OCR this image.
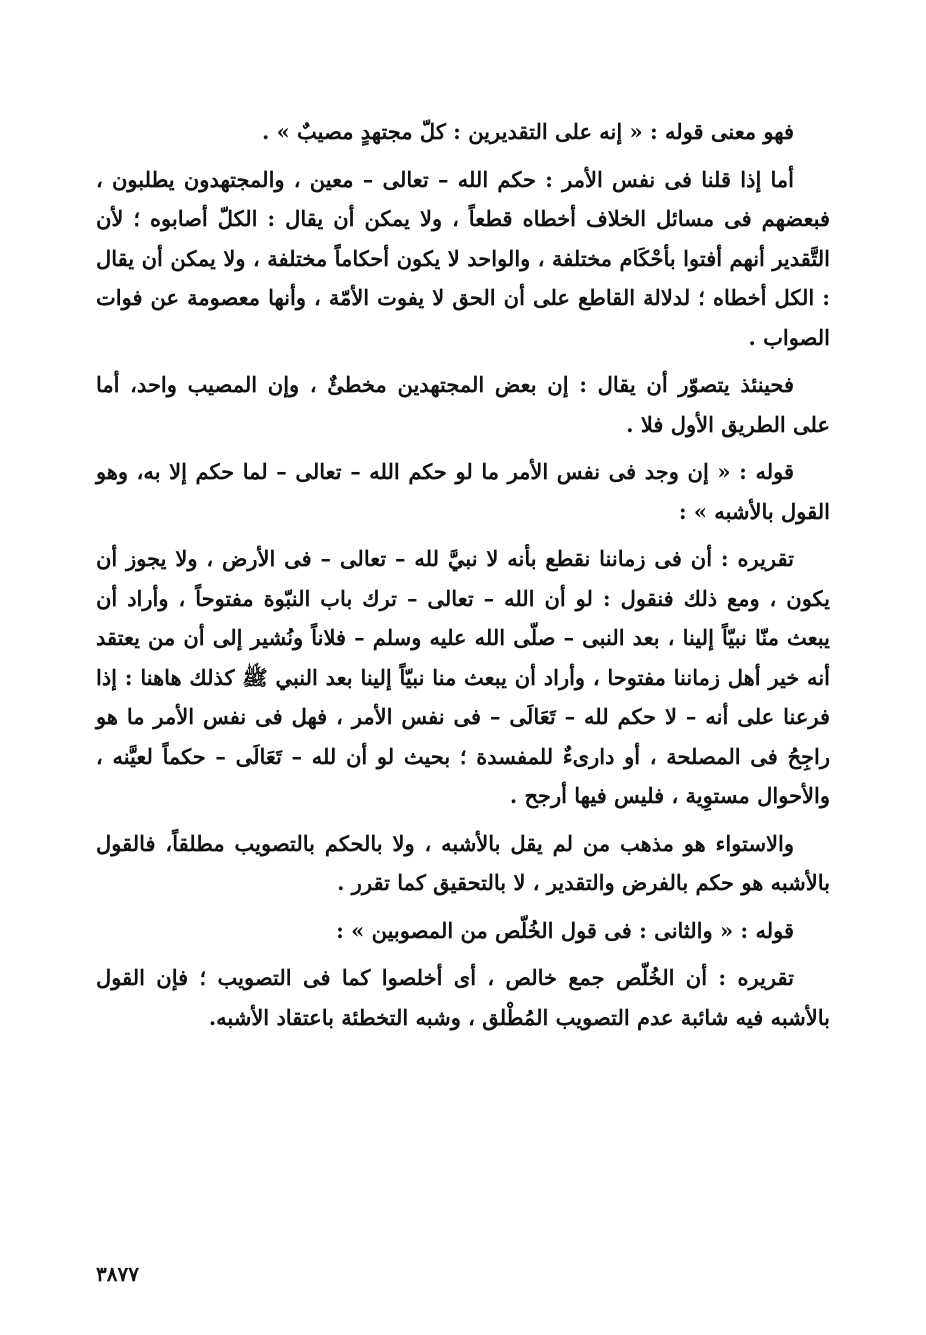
فهو معنى قوله : « إنه على التقديرين : كلّ مجتهدٍ مصيبٌ » .

أما إذا قلنا فى نفس الأمر : حكم الله – تعالى – معين ، والمجتهدون يطلبون ، فبعضهم فى مسائل الخلاف أخطاه قطعاً ، ولا يمكن أن يقال : الكلّ أصابوه ؛ لأن التَّقدير أنهم أفتوا بأحْكَام مختلفة ، والواحد لا يكون أحكاماً مختلفة ، ولا يمكن أن يقال : الكل أخطاه ؛ لدلالة القاطع على أن الحق لا يفوت الأمّة ، وأنها معصومة عن فوات الصواب .

فحينئذ يتصوّر أن يقال : إن بعض المجتهدين مخطئٌ ، وإن المصيب واحد، أما على الطريق الأول فلا .

قوله : « إن وجد فى نفس الأمر ما لو حكم الله – تعالى – لما حكم إلا به، وهو القول بالأشبه » :

تقريره : أن فى زماننا نقطع بأنه لا نبيَّ لله – تعالى – فى الأرض ، ولا يجوز أن يكون ، ومع ذلك فنقول : لو أن الله – تعالى – ترك باب النبّوة مفتوحاً ، وأراد أن يبعث منّا نبيّاً إلينا ، بعد النبى – صلّى الله عليه وسلم – فلاناً ونُشير إلى أن من يعتقد أنه خير أهل زماننا مفتوحا ، وأراد أن يبعث منا نبيّاً إلينا بعد النبي ﷺ كذلك هاهنا : إذا فرعنا على أنه – لا حكم لله – تَعَالَى – فى نفس الأمر ، فهل فى نفس الأمر ما هو راجِحُ فى المصلحة ، أو دارىءٌ للمفسدة ؛ بحيث لو أن لله – تَعَالَى – حكماً لعيَّنه ، والأحوال مستوِية ، فليس فيها أرجح .

والاستواء هو مذهب من لم يقل بالأشبه ، ولا بالحكم بالتصويب مطلقاً، فالقول بالأشبه هو حكم بالفرض والتقدير ، لا بالتحقيق كما تقرر .

قوله : « والثانى : فى قول الخُلّص من المصوبين » :

تقريره : أن الخُلّص جمع خالص ، أى أخلصوا كما فى التصويب ؛ فإن القول بالأشبه فيه شائبة عدم التصويب المُطْلق ، وشبه التخطئة باعتقاد الأشبه.

٣٨٧٧
